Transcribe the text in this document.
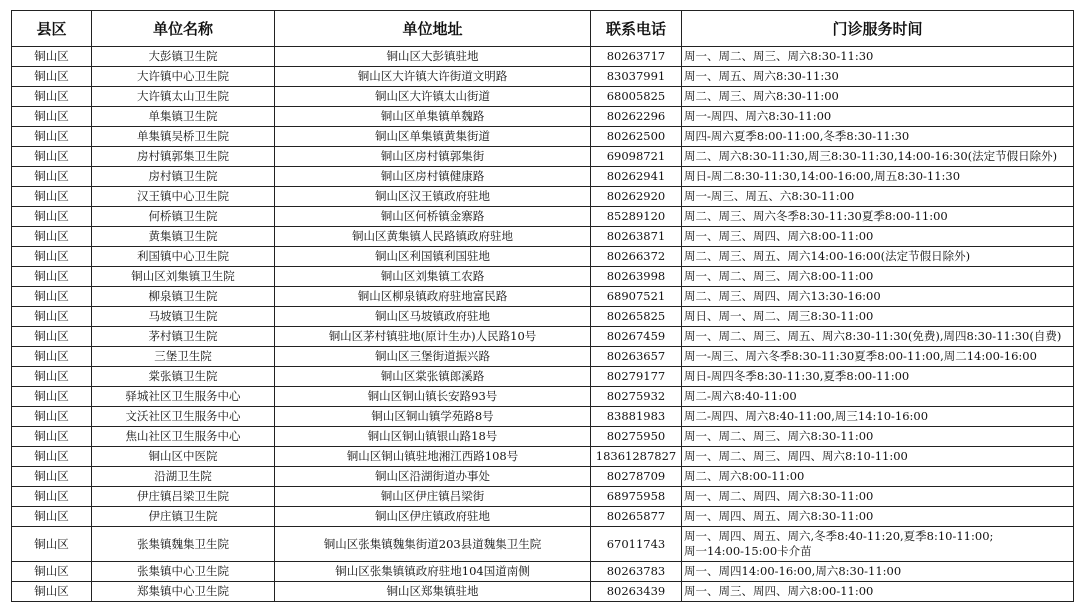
县区	单位名称	单位地址	联系电话	门诊服务时间
铜山区	大彭镇卫生院	铜山区大彭镇驻地	80263717	周一、周二、周三、周六8:30-11:30
铜山区	大许镇中心卫生院	铜山区大许镇大许街道文明路	83037991	周一、周五、周六8:30-11:30
铜山区	大许镇太山卫生院	铜山区大许镇太山街道	68005825	周二、周三、周六8:30-11:00
铜山区	单集镇卫生院	铜山区单集镇单魏路	80262296	周一-周四、周六8:30-11:00
铜山区	单集镇吴桥卫生院	铜山区单集镇黄集街道	80262500	周四-周六夏季8:00-11:00,冬季8:30-11:30
铜山区	房村镇郭集卫生院	铜山区房村镇郭集街	69098721	周二、周六8:30-11:30,周三8:30-11:30,14:00-16:30(法定节假日除外)
铜山区	房村镇卫生院	铜山区房村镇健康路	80262941	周日-周二8:30-11:30,14:00-16:00,周五8:30-11:30
铜山区	汉王镇中心卫生院	铜山区汉王镇政府驻地	80262920	周一-周三、周五、六8:30-11:00
铜山区	何桥镇卫生院	铜山区何桥镇金寨路	85289120	周二、周三、周六冬季8:30-11:30夏季8:00-11:00
铜山区	黄集镇卫生院	铜山区黄集镇人民路镇政府驻地	80263871	周一、周三、周四、周六8:00-11:00
铜山区	利国镇中心卫生院	铜山区利国镇利国驻地	80266372	周二、周三、周五、周六14:00-16:00(法定节假日除外)
铜山区	铜山区刘集镇卫生院	铜山区刘集镇工农路	80263998	周一、周二、周三、周六8:00-11:00
铜山区	柳泉镇卫生院	铜山区柳泉镇政府驻地富民路	68907521	周二、周三、周四、周六13:30-16:00
铜山区	马坡镇卫生院	铜山区马坡镇政府驻地	80265825	周日、周一、周二、周三8:30-11:00
铜山区	茅村镇卫生院	铜山区茅村镇驻地(原计生办)人民路10号	80267459	周一、周二、周三、周五、周六8:30-11:30(免费),周四8:30-11:30(自费)
铜山区	三堡卫生院	铜山区三堡街道振兴路	80263657	周一-周三、周六冬季8:30-11:30夏季8:00-11:00,周二14:00-16:00
铜山区	棠张镇卫生院	铜山区棠张镇郎溪路	80279177	周日-周四冬季8:30-11:30,夏季8:00-11:00
铜山区	驿城社区卫生服务中心	铜山区铜山镇长安路93号	80275932	周二-周六8:40-11:00
铜山区	文沃社区卫生服务中心	铜山区铜山镇学苑路8号	83881983	周二-周四、周六8:40-11:00,周三14:10-16:00
铜山区	焦山社区卫生服务中心	铜山区铜山镇银山路18号	80275950	周一、周二、周三、周六8:30-11:00
铜山区	铜山区中医院	铜山区铜山镇驻地湘江西路108号	18361287827	周一、周二、周三、周四、周六8:10-11:00
铜山区	沿湖卫生院	铜山区沿湖街道办事处	80278709	周二、周六8:00-11:00
铜山区	伊庄镇吕梁卫生院	铜山区伊庄镇吕梁街	68975958	周一、周二、周四、周六8:30-11:00
铜山区	伊庄镇卫生院	铜山区伊庄镇政府驻地	80265877	周一、周四、周五、周六8:30-11:00
铜山区	张集镇魏集卫生院	铜山区张集镇魏集街道203县道魏集卫生院	67011743	周一、周四、周五、周六,冬季8:40-11:20,夏季8:10-11:00;
周一14:00-15:00卡介苗
铜山区	张集镇中心卫生院	铜山区张集镇镇政府驻地104国道南侧	80263783	周一、周四14:00-16:00,周六8:30-11:00
铜山区	郑集镇中心卫生院	铜山区郑集镇驻地	80263439	周一、周三、周四、周六8:00-11:00
